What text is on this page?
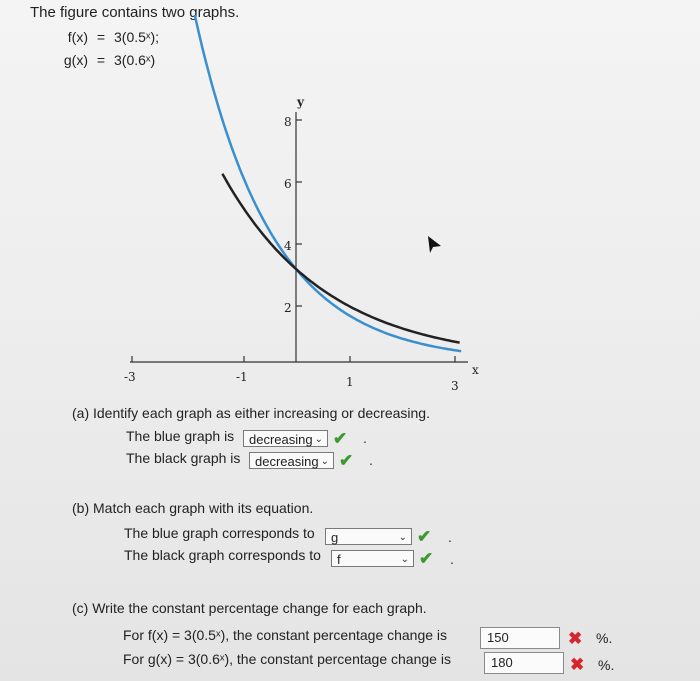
The figure contains two graphs.
f(x) = 3(0.5ˣ);
g(x) = 3(0.6ˣ)
y
x
8
6
4
2
-3	-1	1	3
(a) Identify each graph as either increasing or decreasing.
The blue graph is	decreasing ⌄ ✔ .
The black graph is	decreasing ⌄ ✔ .
(b) Match each graph with its equation.
The blue graph corresponds to	g	⌄ ✔ .
The black graph corresponds to	f	⌄ ✔ .
(c) Write the constant percentage change for each graph.
For f(x) = 3(0.5ˣ), the constant percentage change is	150	✖ %.
For g(x) = 3(0.6ˣ), the constant percentage change is	180	✖ %.
